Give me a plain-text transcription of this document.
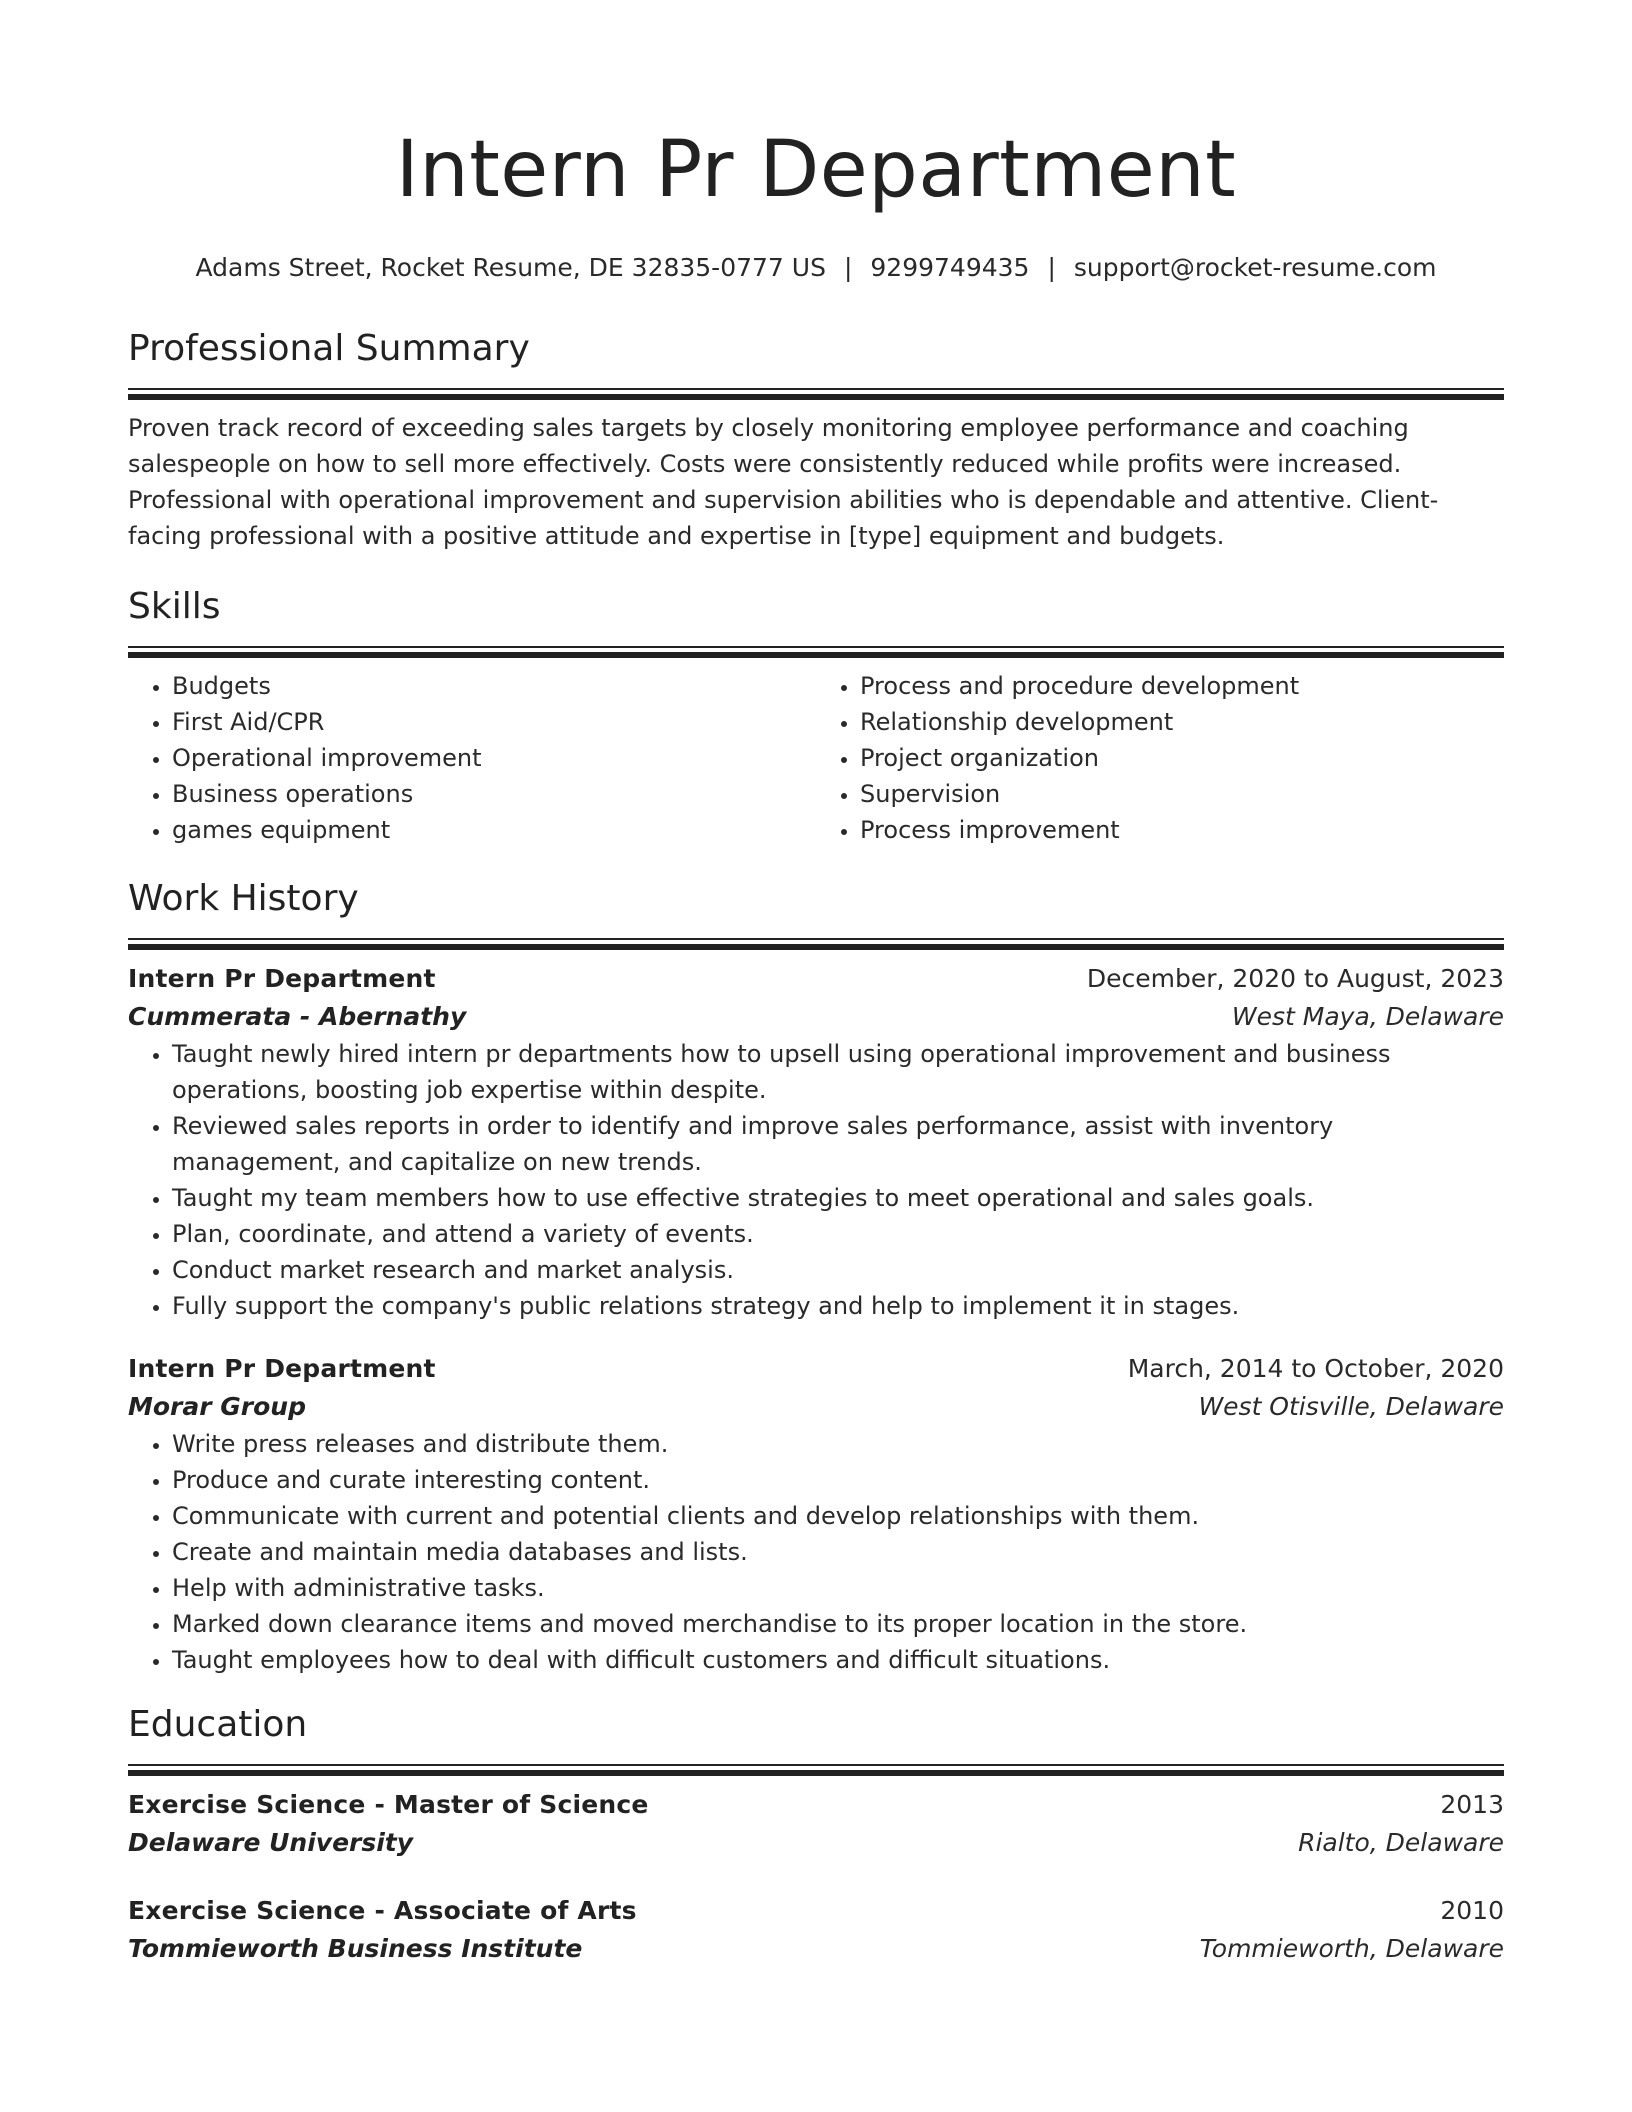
Intern Pr Department
Adams Street, Rocket Resume, DE 32835-0777 US | 9299749435 | support@rocket-resume.com
Professional Summary

Proven track record of exceeding sales targets by closely monitoring employee performance and coaching salespeople on how to sell more effectively. Costs were consistently reduced while profits were increased. Professional with operational improvement and supervision abilities who is dependable and attentive. Client-facing professional with a positive attitude and expertise in [type] equipment and budgets.

Skills
• Budgets
• First Aid/CPR
• Operational improvement
• Business operations
• games equipment
• Process and procedure development
• Relationship development
• Project organization
• Supervision
• Process improvement
Work History
Intern Pr Department	December, 2020 to August, 2023
Cummerata - Abernathy	West Maya, Delaware
• Taught newly hired intern pr departments how to upsell using operational improvement and business operations, boosting job expertise within despite.
• Reviewed sales reports in order to identify and improve sales performance, assist with inventory management, and capitalize on new trends.
• Taught my team members how to use effective strategies to meet operational and sales goals.
• Plan, coordinate, and attend a variety of events.
• Conduct market research and market analysis.
• Fully support the company's public relations strategy and help to implement it in stages.
Intern Pr Department	March, 2014 to October, 2020
Morar Group	West Otisville, Delaware
• Write press releases and distribute them.
• Produce and curate interesting content.
• Communicate with current and potential clients and develop relationships with them.
• Create and maintain media databases and lists.
• Help with administrative tasks.
• Marked down clearance items and moved merchandise to its proper location in the store.
• Taught employees how to deal with difficult customers and difficult situations.
Education
Exercise Science - Master of Science	2013
Delaware University	Rialto, Delaware
Exercise Science - Associate of Arts	2010
Tommieworth Business Institute	Tommieworth, Delaware
